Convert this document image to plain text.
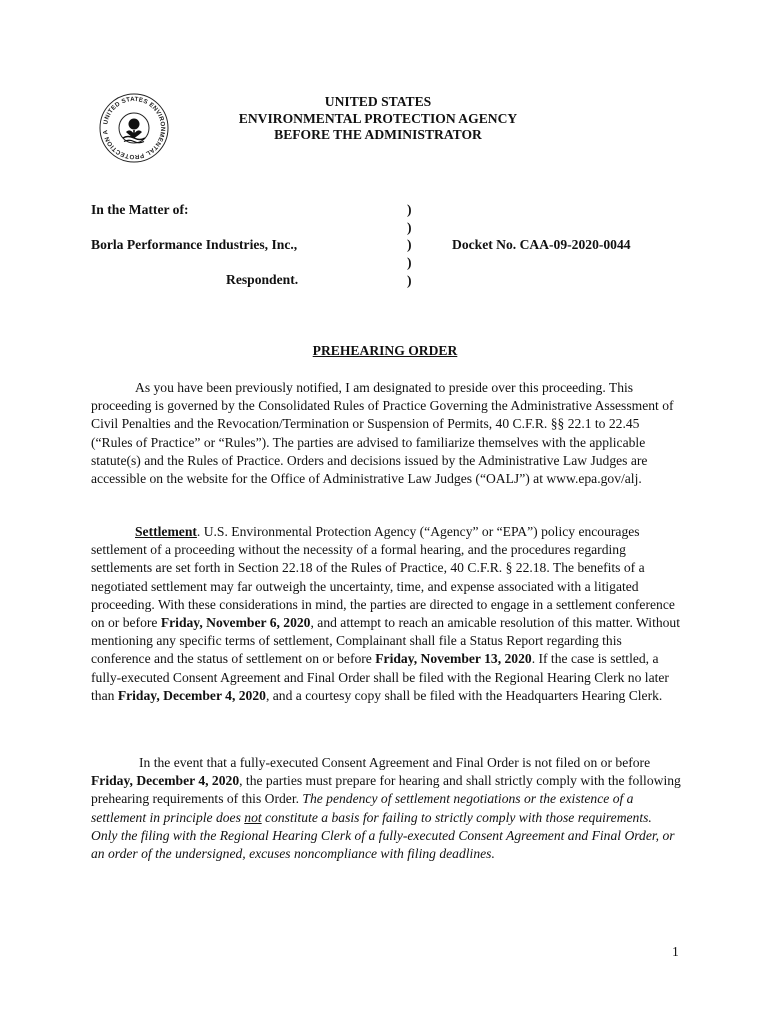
UNITED STATES ENVIRONMENTAL PROTECTION A
UNITED STATES
ENVIRONMENTAL PROTECTION AGENCY
BEFORE THE ADMINISTRATOR
In the Matter of:
Borla Performance Industries, Inc.,
Respondent.
)
)
)
)
)
Docket No. CAA-09-2020-0044
PREHEARING ORDER

As you have been previously notified, I am designated to preside over this proceeding. This proceeding is governed by the Consolidated Rules of Practice Governing the Administrative Assessment of Civil Penalties and the Revocation/Termination or Suspension of Permits, 40 C.F.R. §§ 22.1 to 22.45 (“Rules of Practice” or “Rules”). The parties are advised to familiarize themselves with the applicable statute(s) and the Rules of Practice. Orders and decisions issued by the Administrative Law Judges are accessible on the website for the Office of Administrative Law Judges (“OALJ”) at www.epa.gov/alj.

Settlement. U.S. Environmental Protection Agency (“Agency” or “EPA”) policy encourages settlement of a proceeding without the necessity of a formal hearing, and the procedures regarding settlements are set forth in Section 22.18 of the Rules of Practice, 40 C.F.R. § 22.18. The benefits of a negotiated settlement may far outweigh the uncertainty, time, and expense associated with a litigated proceeding. With these considerations in mind, the parties are directed to engage in a settlement conference on or before Friday, November 6, 2020, and attempt to reach an amicable resolution of this matter. Without mentioning any specific terms of settlement, Complainant shall file a Status Report regarding this conference and the status of settlement on or before Friday, November 13, 2020. If the case is settled, a fully-executed Consent Agreement and Final Order shall be filed with the Regional Hearing Clerk no later than Friday, December 4, 2020, and a courtesy copy shall be filed with the Headquarters Hearing Clerk.

In the event that a fully-executed Consent Agreement and Final Order is not filed on or before Friday, December 4, 2020, the parties must prepare for hearing and shall strictly comply with the following prehearing requirements of this Order. The pendency of settlement negotiations or the existence of a settlement in principle does not constitute a basis for failing to strictly comply with those requirements. Only the filing with the Regional Hearing Clerk of a fully-executed Consent Agreement and Final Order, or an order of the undersigned, excuses noncompliance with filing deadlines.

1
